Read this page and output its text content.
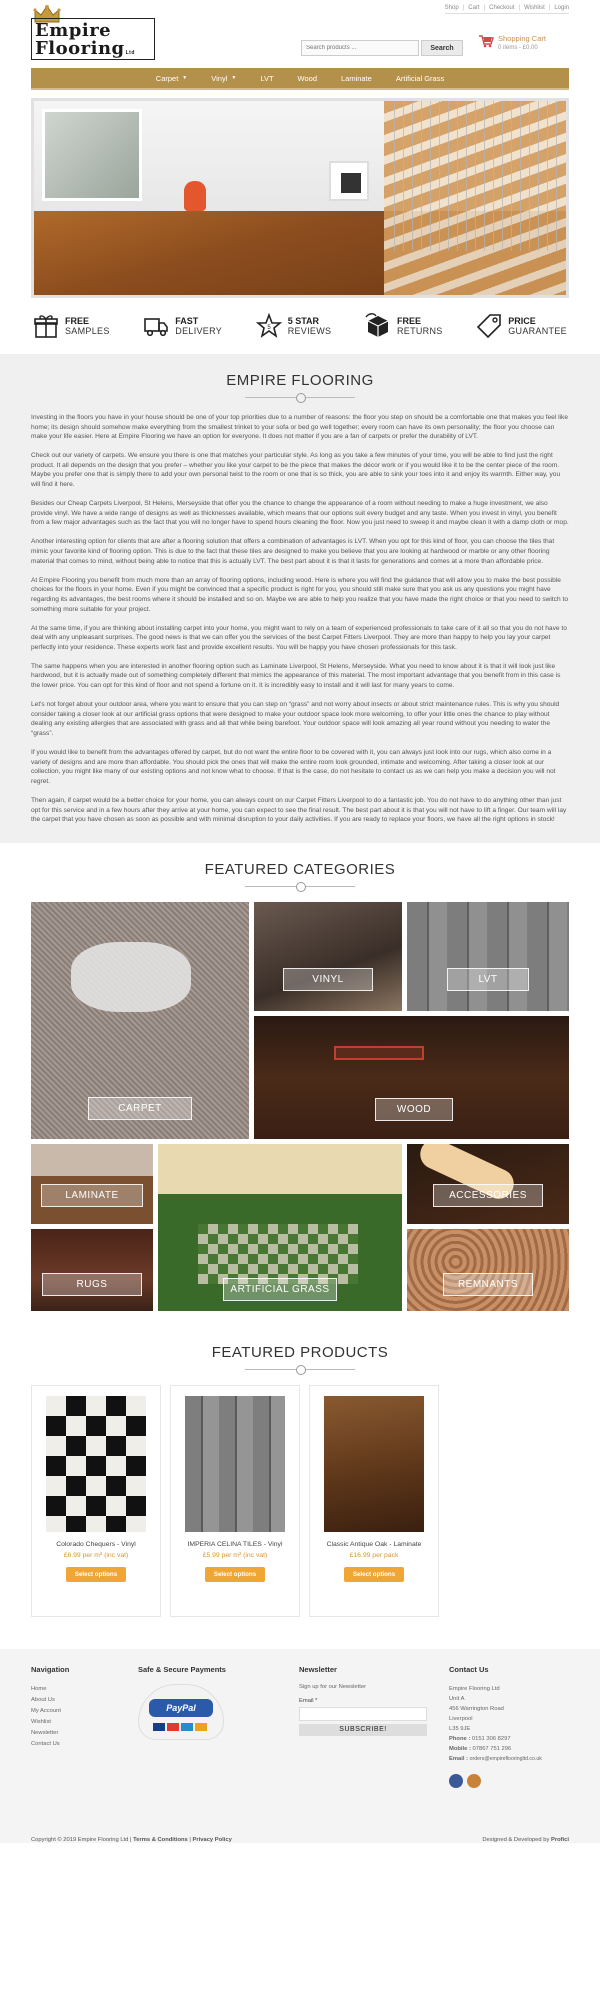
Shop | Cart | Checkout | Wishlist | Login
Empire
FlooringLtd
Search products ...
Search
Shopping Cart
0 items - £0.00
Carpet ▼	Vinyl ▼	LVT	Wood	Laminate	Artificial Grass
FREE
SAMPLES
FAST
DELIVERY	5
5 STAR
REVIEWS
FREE
RETURNS
PRICE
GUARANTEE
EMPIRE FLOORING

Investing in the floors you have in your house should be one of your top priorities due to a number of reasons: the floor you step on should be a comfortable one that makes you feel like home; its design should somehow make everything from the smallest trinket to your sofa or bed go well together; every room can have its own personality; the floor you choose can make your life easier. Here at Empire Flooring we have an option for everyone. It does not matter if you are a fan of carpets or prefer the durability of LVT.

Check out our variety of carpets. We ensure you there is one that matches your particular style. As long as you take a few minutes of your time, you will be able to find just the right product. It all depends on the design that you prefer – whether you like your carpet to be the piece that makes the décor work or if you would like it to be the center piece of the room. Maybe you prefer one that is simply there to add your own personal twist to the room or one that is so thick, you are able to sink your toes into it and enjoy its warmth. Either way, you will find it here.

Besides our Cheap Carpets Liverpool, St Helens, Merseyside that offer you the chance to change the appearance of a room without needing to make a huge investment, we also provide vinyl. We have a wide range of designs as well as thicknesses available, which means that our options suit every budget and any taste. When you invest in vinyl, you benefit from a few major advantages such as the fact that you will no longer have to spend hours cleaning the floor. Now you just need to sweep it and maybe clean it with a damp cloth or mop.

Another interesting option for clients that are after a flooring solution that offers a combination of advantages is LVT. When you opt for this kind of floor, you can choose the tiles that mimic your favorite kind of flooring option. This is due to the fact that these tiles are designed to make you believe that you are looking at hardwood or marble or any other flooring material that comes to mind, without being able to notice that this is actually LVT. The best part about it is that it lasts for generations and comes at a more than affordable price.

At Empire Flooring you benefit from much more than an array of flooring options, including wood. Here is where you will find the guidance that will allow you to make the best possible choices for the floors in your home. Even if you might be convinced that a specific product is right for you, you should still make sure that you ask us any questions you might have regarding its advantages, the best rooms where it should be installed and so on. Maybe we are able to help you realize that you have made the right choice or that you need to switch to something more suitable for your project.

At the same time, if you are thinking about installing carpet into your home, you might want to rely on a team of experienced professionals to take care of it all so that you do not have to deal with any unpleasant surprises. The good news is that we can offer you the services of the best Carpet Fitters Liverpool. They are more than happy to help you lay your carpet perfectly into your residence. These experts work fast and provide excellent results. You will be happy you have chosen professionals for this task.

The same happens when you are interested in another flooring option such as Laminate Liverpool, St Helens, Merseyside. What you need to know about it is that it will look just like hardwood, but it is actually made out of something completely different that mimics the appearance of this material. The most important advantage that you benefit from in this case is the lower price. You can opt for this kind of floor and not spend a fortune on it. It is incredibly easy to install and it will last for many years to come.

Let's not forget about your outdoor area, where you want to ensure that you can step on “grass” and not worry about insects or about strict maintenance rules. This is why you should consider taking a closer look at our artificial grass options that were designed to make your outdoor space look more welcoming, to offer your little ones the chance to play without dealing any existing allergies that are associated with grass and all that while being barefoot. Your outdoor space will look amazing all year round without you needing to water the “grass”.

If you would like to benefit from the advantages offered by carpet, but do not want the entire floor to be covered with it, you can always just look into our rugs, which also come in a variety of designs and are more than affordable. You should pick the ones that will make the entire room look grounded, intimate and welcoming. After taking a closer look at our collection, you might like many of our existing options and not know what to choose. If that is the case, do not hesitate to contact us as we can help you make a decision you will not regret.

Then again, if carpet would be a better choice for your home, you can always count on our Carpet Fitters Liverpool to do a fantastic job. You do not have to do anything other than just opt for this service and in a few hours after they arrive at your home, you can expect to see the final result. The best part about it is that you will not have to lift a finger. Our team will lay the carpet that you have chosen as soon as possible and with minimal disruption to your daily activities. If you are ready to replace your floors, we have all the right options in stock!

FEATURED CATEGORIES
CARPET
VINYL	LVT
WOOD
LAMINATE
ARTIFICIAL GRASS
ACCESSORIES
RUGS	REMNANTS
FEATURED PRODUCTS
Colorado Chequers - Vinyl
£6.99 per m² (inc vat)
Select options
IMPERIA CELINA TILES - Vinyl
£5.99 per m² (inc vat)
Select options
Classic Antique Oak - Laminate
£16.99 per pack
Select options
Navigation
Home
About Us
My Account
Wishlist
Newsletter
Contact Us
Safe & Secure Payments
PayPal
Newsletter
Sign up for our Newsletter
Email *
SUBSCRIBE!
Contact Us
Empire Flooring Ltd
Unit A
456 Warrington Road
Liverpool
L35 9JE
Phone : 0151 306 8297
Mobile : 07867 751 296
Email : orders@empireflooringltd.co.uk
Copyright © 2019 Empire Flooring Ltd | Terms & Conditions | Privacy Policy	Designed & Developed by Profici
